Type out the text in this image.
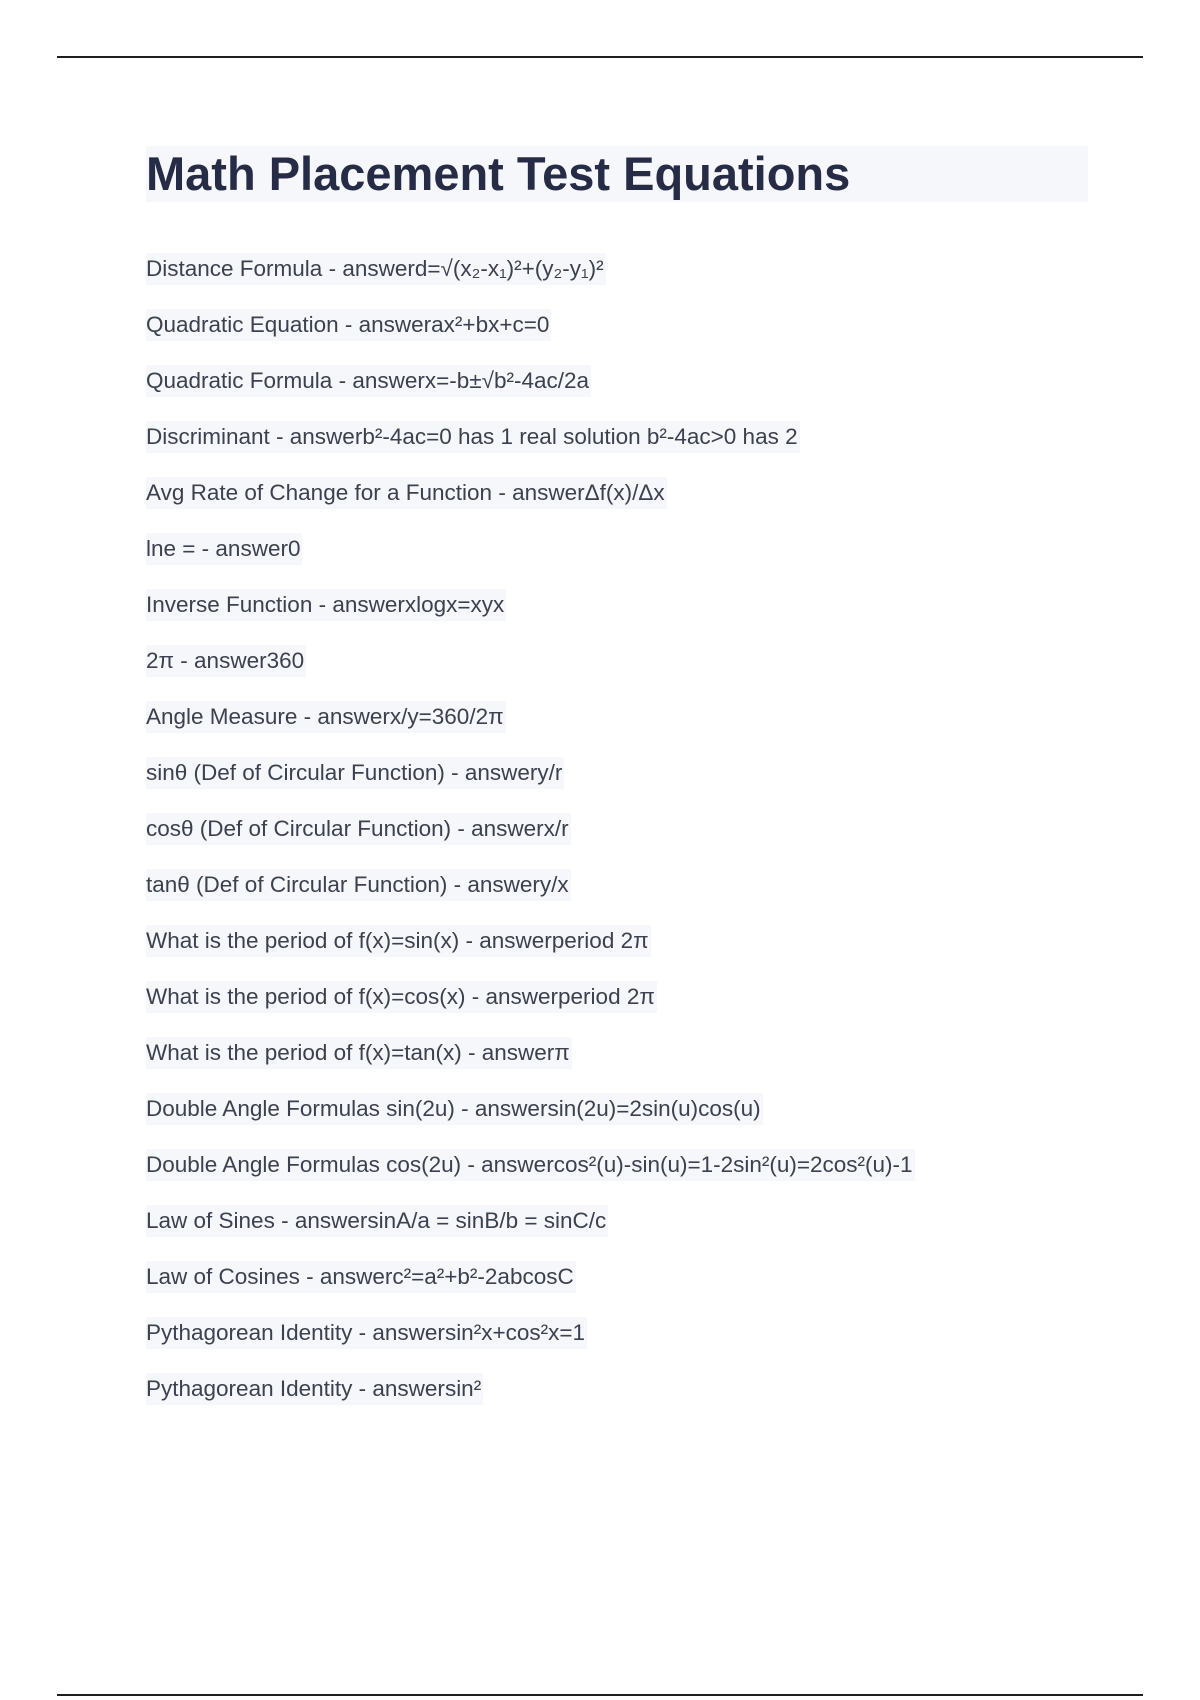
Math Placement Test Equations
Distance Formula - answerd=√(x₂-x₁)²+(y₂-y₁)²
Quadratic Equation - answerax²+bx+c=0
Quadratic Formula - answerx=-b±√b²-4ac/2a
Discriminant - answerb²-4ac=0 has 1 real solution b²-4ac>0 has 2
Avg Rate of Change for a Function - answerΔf(x)/Δx
lne = - answer0
Inverse Function - answerxlogx=xyx
2π - answer360
Angle Measure - answerx/y=360/2π
sinθ (Def of Circular Function) - answery/r
cosθ (Def of Circular Function) - answerx/r
tanθ (Def of Circular Function) - answery/x
What is the period of f(x)=sin(x) - answerperiod 2π
What is the period of f(x)=cos(x) - answerperiod 2π
What is the period of f(x)=tan(x) - answerπ
Double Angle Formulas sin(2u) - answersin(2u)=2sin(u)cos(u)
Double Angle Formulas cos(2u) - answercos²(u)-sin(u)=1-2sin²(u)=2cos²(u)-1
Law of Sines - answersinA/a = sinB/b = sinC/c
Law of Cosines - answerc²=a²+b²-2abcosC
Pythagorean Identity - answersin²x+cos²x=1
Pythagorean Identity - answersin²
